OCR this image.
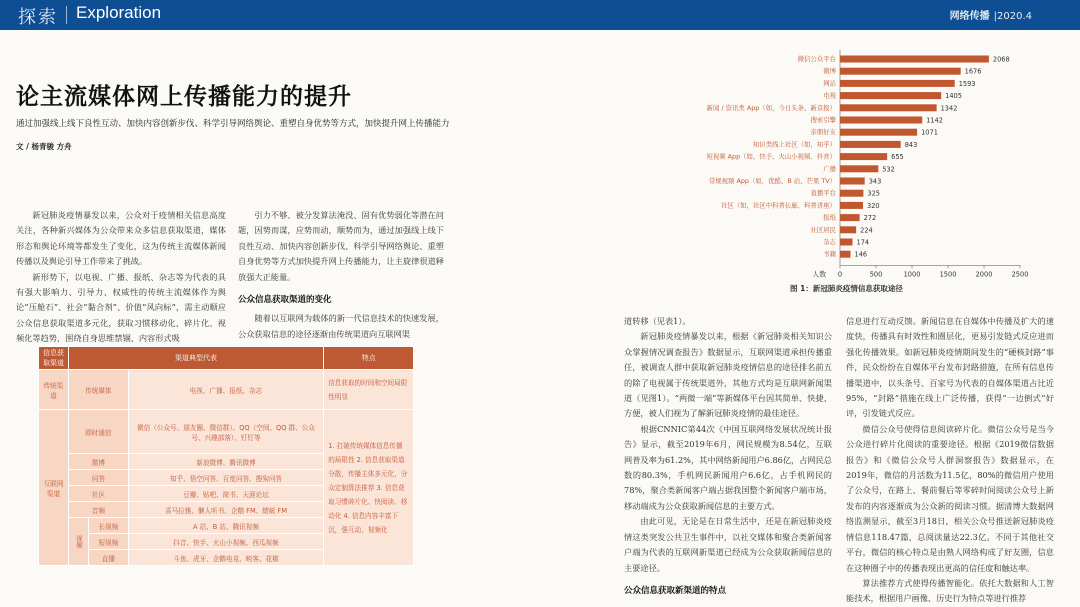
探索 Exploration	网络传播 |2020.4
论主流媒体网上传播能力的提升
通过加强线上线下良性互动、加快内容创新步伐、科学引导网络舆论、重塑自身优势等方式，加快提升网上传播能力
文 / 杨青骏 方舟

新冠肺炎疫情暴发以来，公众对于疫情相关信息高度关注，各种新兴媒体为公众带来众多信息获取渠道，媒体形态和舆论环境等都发生了变化，这为传统主流媒体新闻传播以及舆论引导工作带来了挑战。

新形势下，以电视、广播、报纸、杂志等为代表的具有强大影响力、引导力、权威性的传统主流媒体作为舆论“压舱石”、社会“黏合剂”、价值“风向标”，需主动顺应公众信息获取渠道多元化，获取习惯移动化、碎片化、视频化等趋势，围绕自身思维禁锢、内容形式吸

引力不够、被分发算法淹没、固有优势弱化等潜在问题，因势而谋，应势而动，顺势而为，通过加强线上线下良性互动、加快内容创新步伐、科学引导网络舆论、重塑自身优势等方式加快提升网上传播能力，让主旋律很道释放强大正能量。

公众信息获取渠道的变化

随着以互联网为载体的新一代信息技术的快速发展，公众获取信息的途径逐渐由传统渠道向互联网渠

信息获取渠道	渠道典型代表			特点
传统渠道	传统媒体		电视、广播、报纸、杂志	信息获取的时间和空间局限性明显
互联网渠道	即时通信		微信（公众号、朋友圈、微信群）、QQ（空间、QQ 群、公众号、兴趣部落）、钉钉等	1. 打破传统媒体信息传播的局限性 2. 信息获取渠道分散，传播主体多元化，分众定制算法推荐 3. 信息获取习惯碎片化、快阅读、移动化 4. 信息内容丰富下沉，强互动，视频化
	微博		新浪微博、腾讯微博	
	问答		知乎、悟空问答、百度问答、搜狗问答	
	社区		豆瓣、贴吧、简书、天涯论坛	
	音频		喜马拉雅、懒人听书、企鹅 FM、蜻蜓 FM	
	视频	长视频	A 站、B 站、腾讯视频	
		短视频	抖音、快手、火山小视频、西瓜视频	
		直播	斗鱼、虎牙、企鹅电竞、映客、花椒	
微信公众平台	2068
微博	1676
网站	1593
电视	1405
新闻 / 资讯类 App（如，今日头条、新京报）	1342
搜索引擎	1142
亲朋好友	1071
知识类线上社区（如，知乎）	843
短视频 App（如，快手、火山小视频、抖音）	655
广播	532
常规视频 App（如，优酷、B 站、芒果 TV）	343
直播平台	325
社区（如，社区中科普长廊、科普讲座）	320
报纸	272
社区居民	224
杂志	174
书籍	146
0	500	1000	1500	2000	2500
人数
图 1：新冠肺炎疫情信息获取途径

道转移（见表1）。

新冠肺炎疫情暴发以来，根据《新冠肺炎相关知识公众掌握情况调查报告》数据显示，互联网渠道承担传播重任，被调查人群中获取新冠肺炎疫情信息的途径排名前五的除了电视属于传统渠道外，其他方式均是互联网新闻渠道（见图1）。“两微一端”等新媒体平台因其简单、快捷、方便，被人们视为了解新冠肺炎疫情的最佳途径。

根据CNNIC第44次《中国互联网络发展状况统计报告》显示，截至2019年6月，网民规模为8.54亿，互联网普及率为61.2%，其中网络新闻用户6.86亿，占网民总数的80.3%，手机网民新闻用户6.6亿，占手机网民的78%，聚合类新闻客户端占据我国整个新闻客户端市场，移动端成为公众获取新闻信息的主要方式。

由此可见，无论是在日常生活中，还是在新冠肺炎疫情这类突发公共卫生事件中，以社交媒体和聚合类新闻客户端为代表的互联网新渠道已经成为公众获取新闻信息的主要途径。

公众信息获取新渠道的特点

信息进行互动反馈。新闻信息在自媒体中传播及扩大的速度快，传播具有时效性和圈层化，更易引发链式反应进而强化传播效果。如新冠肺炎疫情期间发生的“硬核封路”事件，民众纷纷在自媒体平台发布封路措施，在所有信息传播渠道中，以头条号、百家号为代表的自媒体渠道占比近95%，“封路”措施在线上广泛传播，获得“一边倒式”好评，引发链式反应。

微信公众号使得信息阅读碎片化。微信公众号是当今公众进行碎片化阅读的重要途径。根据《2019微信数据报告》和《微信公众号人群洞察报告》数据显示，在2019年，微信的月活数为11.5亿，80%的微信用户使用了公众号，在路上、餐前餐后等零碎时间阅读公众号上新发布的内容逐渐成为公众新的阅读习惯。据清博大数据网络监测显示，截至3月18日，相关公众号推送新冠肺炎疫情信息118.47篇，总阅读量达22.3亿。不同于其他社交平台，微信的核心特点是由熟人网络构成了好友圈，信息在这种圈子中的传播表现出更高的信任度和触达率。

算法推荐方式使得传播智能化。依托大数据和人工智能技术，根据用户画像、历史行为特点等进行推荐
